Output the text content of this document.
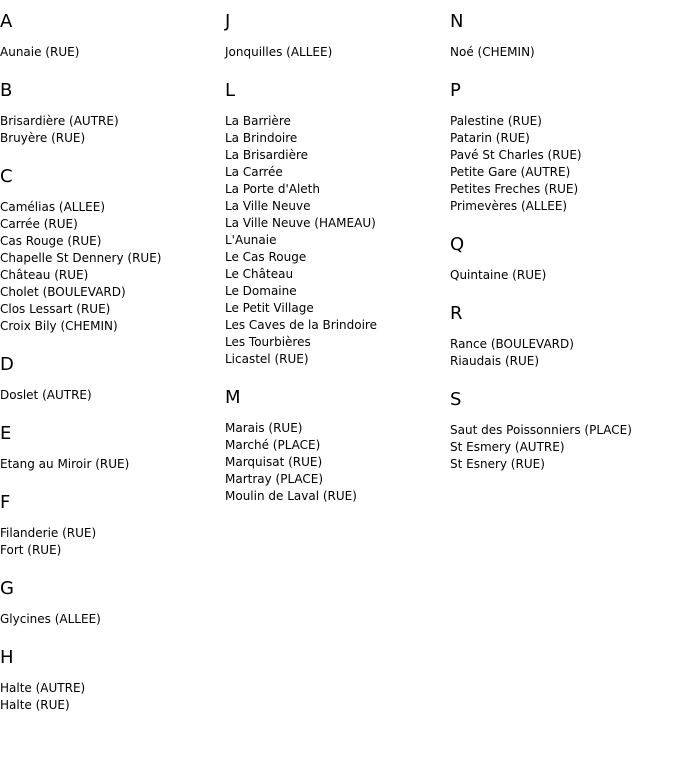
A
Aunaie (RUE)
B
Brisardière (AUTRE)
Bruyère (RUE)
C
Camélias (ALLEE)
Carrée (RUE)
Cas Rouge (RUE)
Chapelle St Dennery (RUE)
Château (RUE)
Cholet (BOULEVARD)
Clos Lessart (RUE)
Croix Bily (CHEMIN)
D
Doslet (AUTRE)
E
Etang au Miroir (RUE)
F
Filanderie (RUE)
Fort (RUE)
G
Glycines (ALLEE)
H
Halte (AUTRE)
Halte (RUE)
J
Jonquilles (ALLEE)
L
La Barrière
La Brindoire
La Brisardière
La Carrée
La Porte d'Aleth
La Ville Neuve
La Ville Neuve (HAMEAU)
L'Aunaie
Le Cas Rouge
Le Château
Le Domaine
Le Petit Village
Les Caves de la Brindoire
Les Tourbières
Licastel (RUE)
M
Marais (RUE)
Marché (PLACE)
Marquisat (RUE)
Martray (PLACE)
Moulin de Laval (RUE)
N
Noé (CHEMIN)
P
Palestine (RUE)
Patarin (RUE)
Pavé St Charles (RUE)
Petite Gare (AUTRE)
Petites Freches (RUE)
Primevères (ALLEE)
Q
Quintaine (RUE)
R
Rance (BOULEVARD)
Riaudais (RUE)
S
Saut des Poissonniers (PLACE)
St Esmery (AUTRE)
St Esnery (RUE)
